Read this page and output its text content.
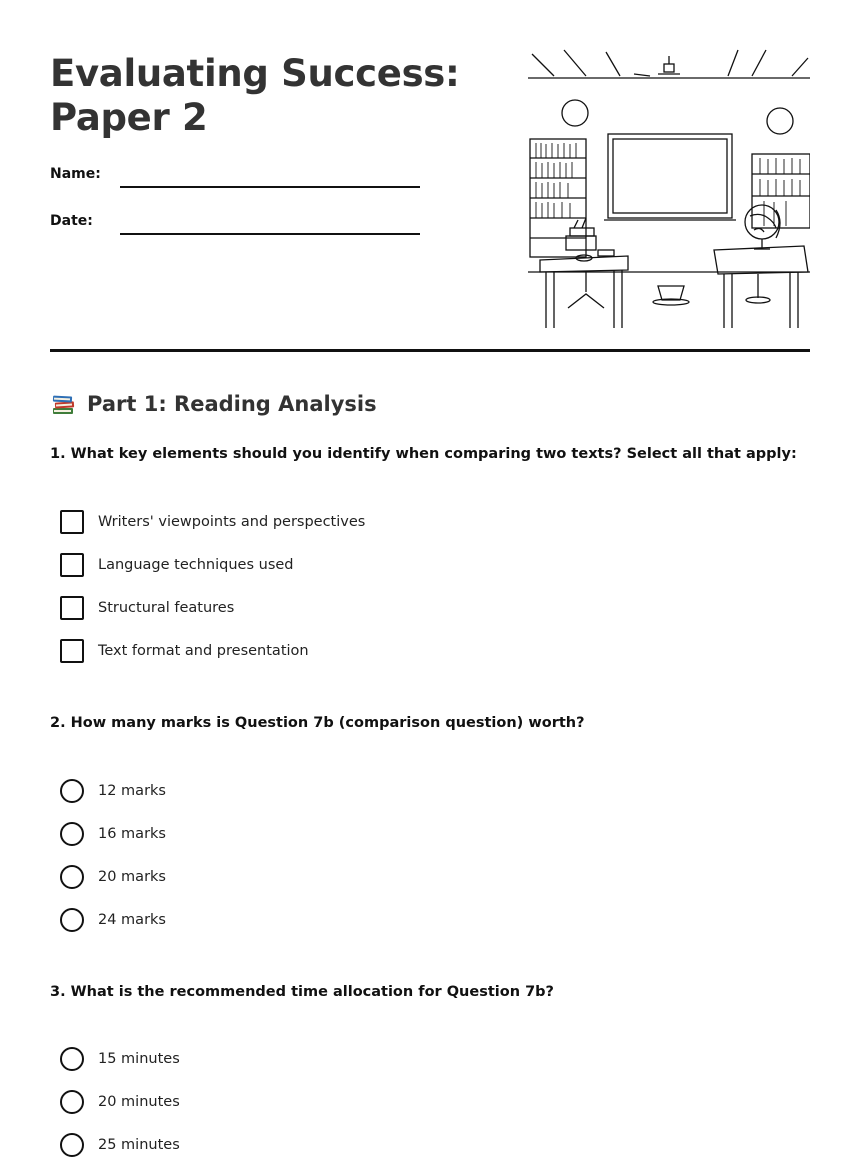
Evaluating Success:
Paper 2
Name:
Date:
Part 1: Reading Analysis
1. What key elements should you identify when comparing two texts? Select all that apply:
Writers' viewpoints and perspectives
Language techniques used
Structural features
Text format and presentation
2. How many marks is Question 7b (comparison question) worth?
12 marks
16 marks
20 marks
24 marks
3. What is the recommended time allocation for Question 7b?
15 minutes
20 minutes
25 minutes
